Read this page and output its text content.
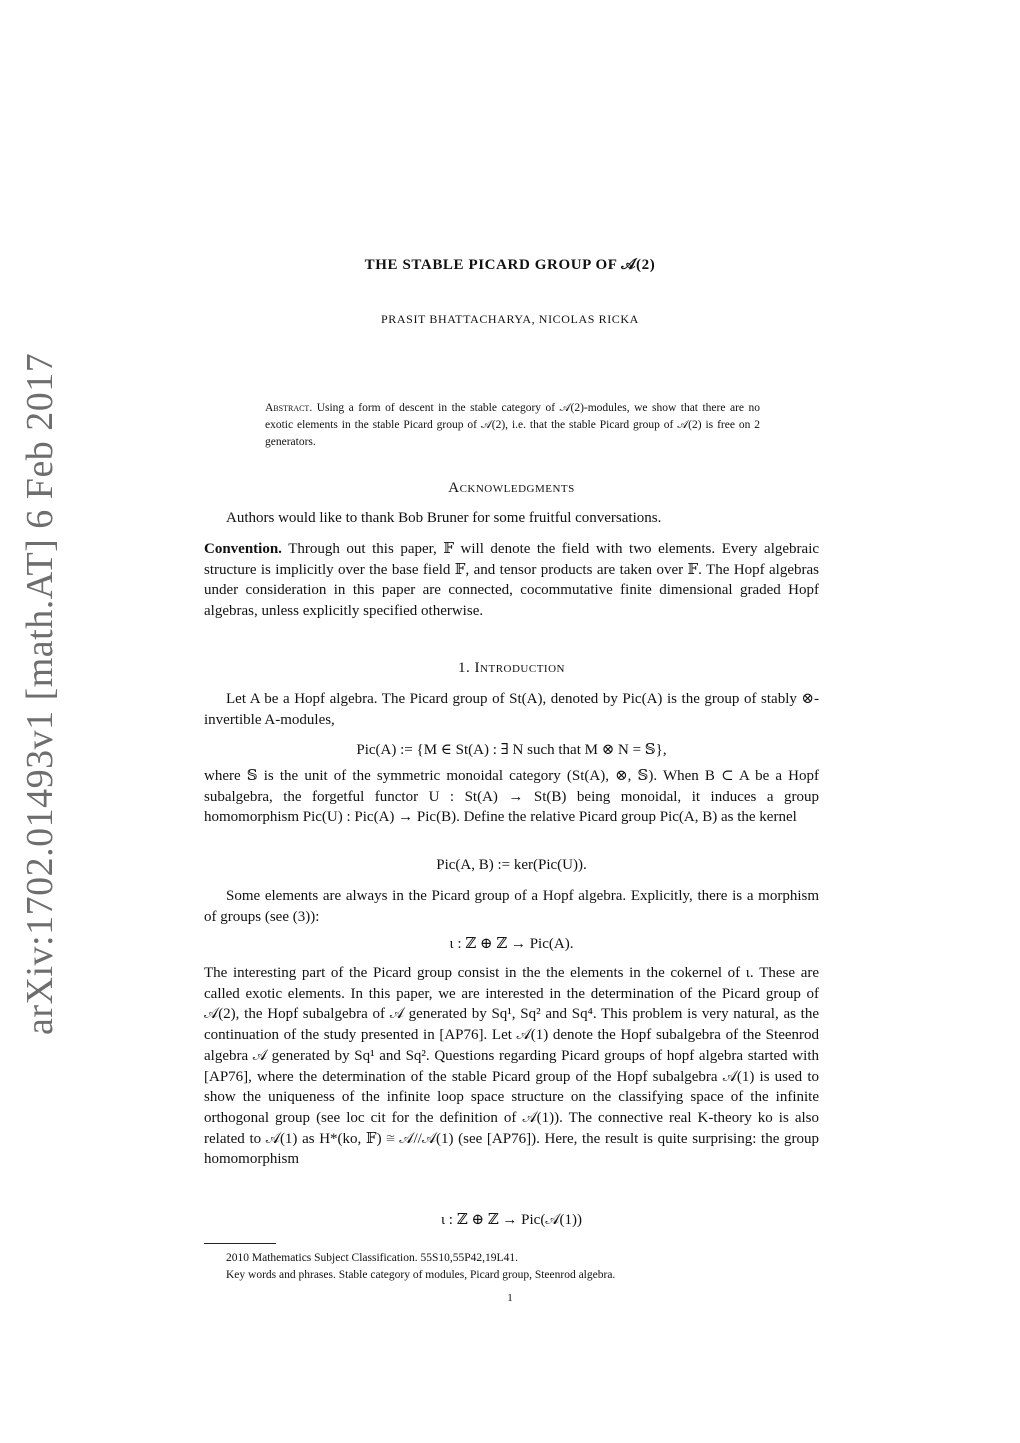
arXiv:1702.01493v1 [math.AT] 6 Feb 2017
THE STABLE PICARD GROUP OF 𝒜(2)
PRASIT BHATTACHARYA, NICOLAS RICKA
Abstract. Using a form of descent in the stable category of 𝒜(2)-modules, we show that there are no exotic elements in the stable Picard group of 𝒜(2), i.e. that the stable Picard group of 𝒜(2) is free on 2 generators.
Acknowledgments
Authors would like to thank Bob Bruner for some fruitful conversations.
Convention. Through out this paper, 𝔽 will denote the field with two elements. Every algebraic structure is implicitly over the base field 𝔽, and tensor products are taken over 𝔽. The Hopf algebras under consideration in this paper are connected, cocommutative finite dimensional graded Hopf algebras, unless explicitly specified otherwise.
1. Introduction
Let A be a Hopf algebra. The Picard group of St(A), denoted by Pic(A) is the group of stably ⊗-invertible A-modules,
Pic(A) := {M ∈ St(A) : ∃ N such that M ⊗ N = 𝕊},
where 𝕊 is the unit of the symmetric monoidal category (St(A), ⊗, 𝕊). When B ⊂ A be a Hopf subalgebra, the forgetful functor U : St(A) → St(B) being monoidal, it induces a group homomorphism Pic(U) : Pic(A) → Pic(B). Define the relative Picard group Pic(A, B) as the kernel
Pic(A, B) := ker(Pic(U)).
Some elements are always in the Picard group of a Hopf algebra. Explicitly, there is a morphism of groups (see (3)):
ι : ℤ ⊕ ℤ → Pic(A).
The interesting part of the Picard group consist in the the elements in the cokernel of ι. These are called exotic elements. In this paper, we are interested in the determination of the Picard group of 𝒜(2), the Hopf subalgebra of 𝒜 generated by Sq¹, Sq² and Sq⁴. This problem is very natural, as the continuation of the study presented in [AP76]. Let 𝒜(1) denote the Hopf subalgebra of the Steenrod algebra 𝒜 generated by Sq¹ and Sq². Questions regarding Picard groups of hopf algebra started with [AP76], where the determination of the stable Picard group of the Hopf subalgebra 𝒜(1) is used to show the uniqueness of the infinite loop space structure on the classifying space of the infinite orthogonal group (see loc cit for the definition of 𝒜(1)). The connective real K-theory ko is also related to 𝒜(1) as H*(ko, 𝔽) ≅ 𝒜//𝒜(1) (see [AP76]). Here, the result is quite surprising: the group homomorphism
ι : ℤ ⊕ ℤ → Pic(𝒜(1))
2010 Mathematics Subject Classification. 55S10,55P42,19L41.
Key words and phrases. Stable category of modules, Picard group, Steenrod algebra.
1
